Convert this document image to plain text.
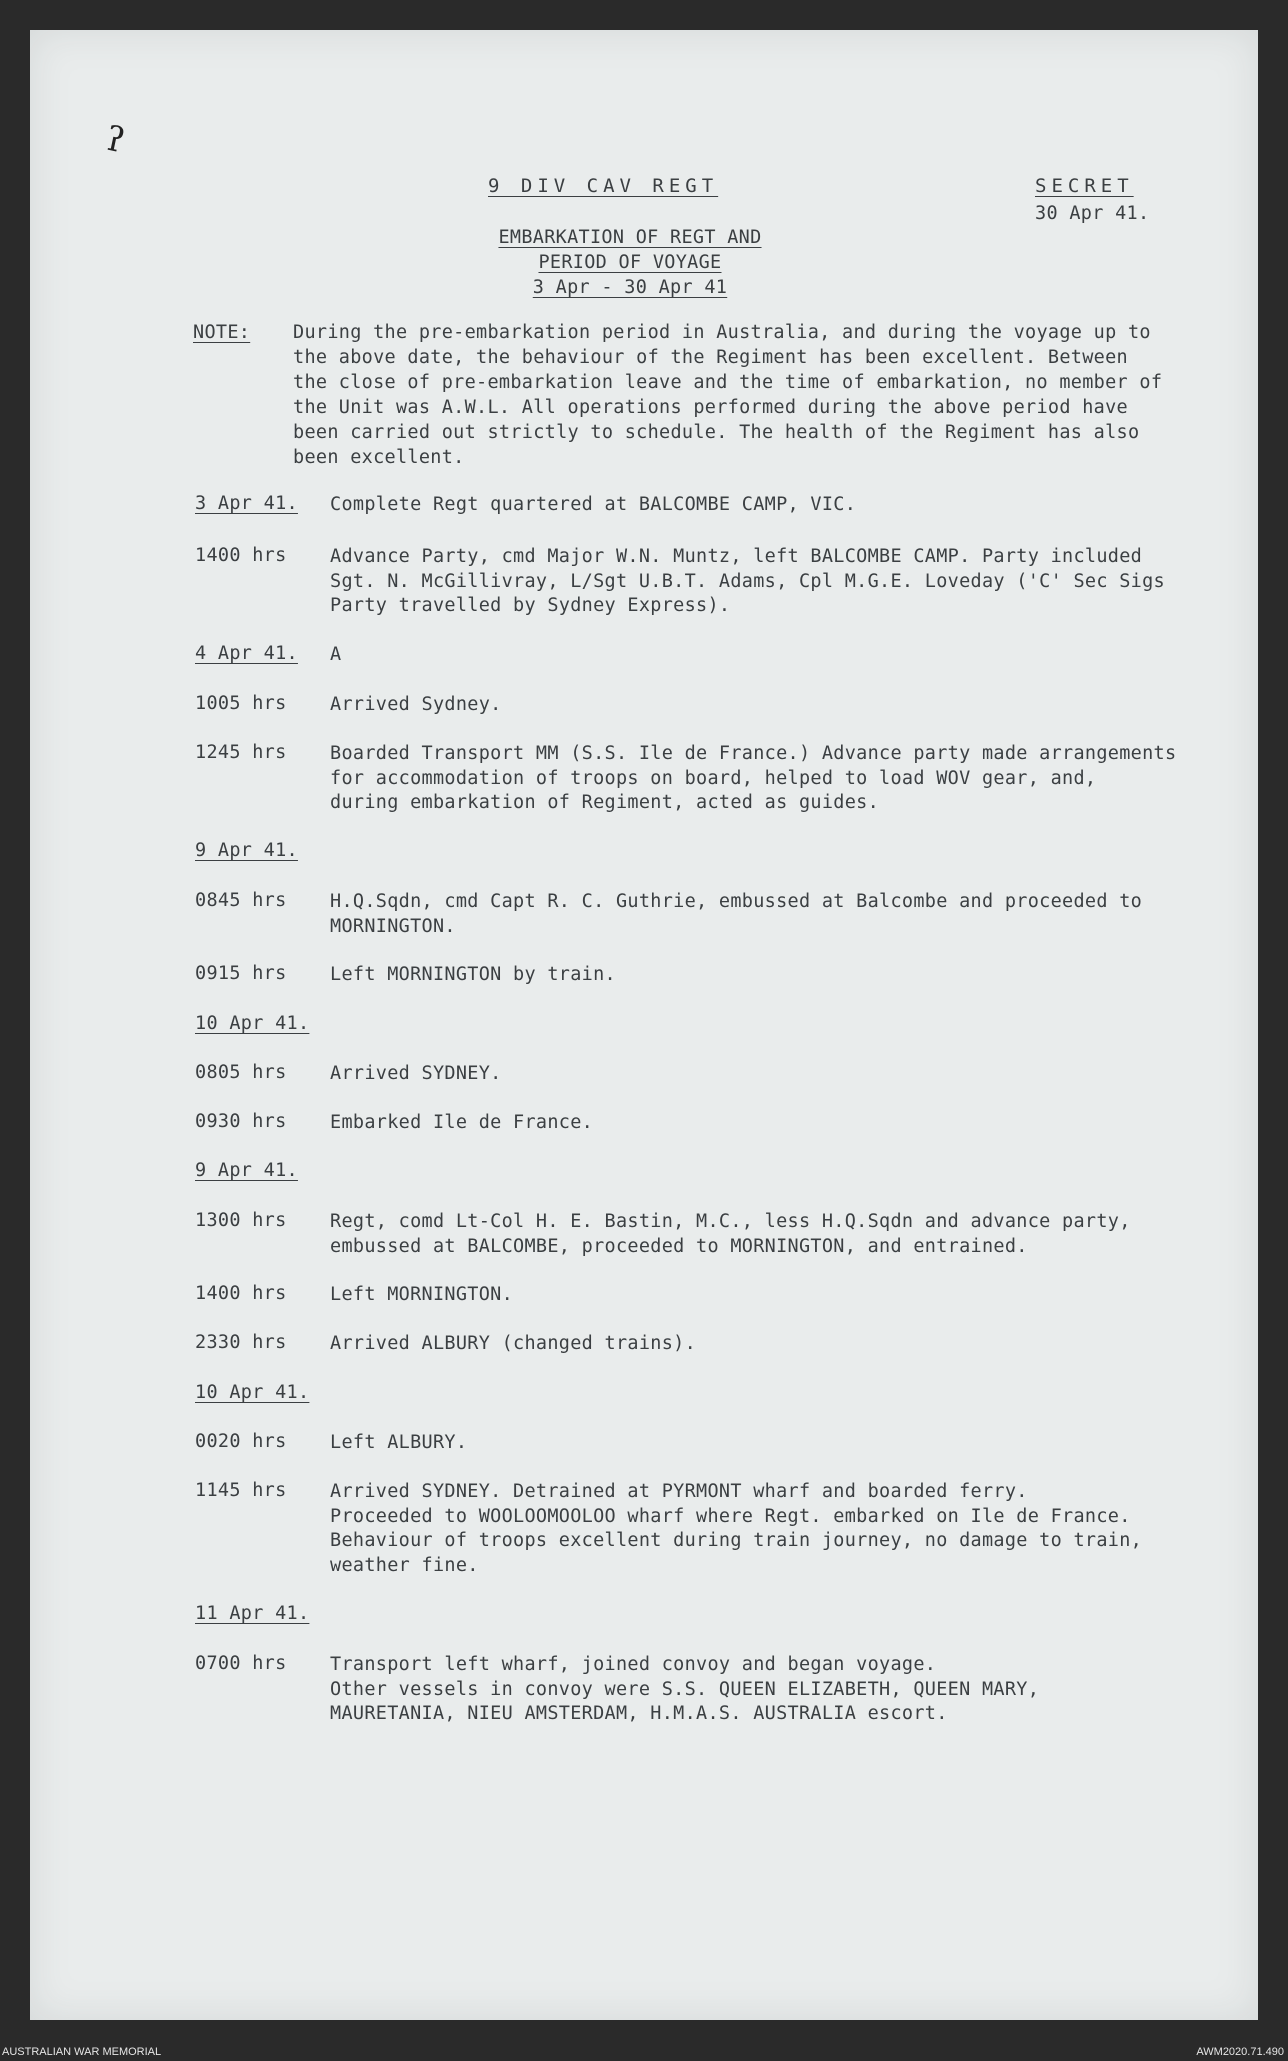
ʔ
9 DIV CAV REGT	SECRET
30 Apr 41.
EMBARKATION OF REGT AND
PERIOD OF VOYAGE
3 Apr - 30 Apr 41
NOTE: During the pre-embarkation period in Australia, and during the voyage up to
the above date, the behaviour of the Regiment has been excellent. Between
the close of pre-embarkation leave and the time of embarkation, no member of
the Unit was A.W.L. All operations performed during the above period have
been carried out strictly to schedule. The health of the Regiment has also
been excellent.
3 Apr 41. Complete Regt quartered at BALCOMBE CAMP, VIC.
1400 hrs Advance Party, cmd Major W.N. Muntz, left BALCOMBE CAMP. Party included
Sgt. N. McGillivray, L/Sgt U.B.T. Adams, Cpl M.G.E. Loveday ('C' Sec Sigs
Party travelled by Sydney Express).
4 Apr 41. A
1005 hrs Arrived Sydney.
1245 hrs Boarded Transport MM (S.S. Ile de France.) Advance party made arrangements
for accommodation of troops on board, helped to load WOV gear, and,
during embarkation of Regiment, acted as guides.
9 Apr 41.
0845 hrs H.Q.Sqdn, cmd Capt R. C. Guthrie, embussed at Balcombe and proceeded to
MORNINGTON.
0915 hrs Left MORNINGTON by train.
10 Apr 41.
0805 hrs Arrived SYDNEY.
0930 hrs Embarked Ile de France.
9 Apr 41.
1300 hrs Regt, comd Lt-Col H. E. Bastin, M.C., less H.Q.Sqdn and advance party,
embussed at BALCOMBE, proceeded to MORNINGTON, and entrained.
1400 hrs Left MORNINGTON.
2330 hrs Arrived ALBURY (changed trains).
10 Apr 41.
0020 hrs Left ALBURY.
1145 hrs Arrived SYDNEY. Detrained at PYRMONT wharf and boarded ferry.
Proceeded to WOOLOOMOOLOO wharf where Regt. embarked on Ile de France.
Behaviour of troops excellent during train journey, no damage to train,
weather fine.
11 Apr 41.
0700 hrs Transport left wharf, joined convoy and began voyage.
Other vessels in convoy were S.S. QUEEN ELIZABETH, QUEEN MARY,
MAURETANIA, NIEU AMSTERDAM, H.M.A.S. AUSTRALIA escort.
AUSTRALIAN WAR MEMORIAL	AWM2020.71.490
